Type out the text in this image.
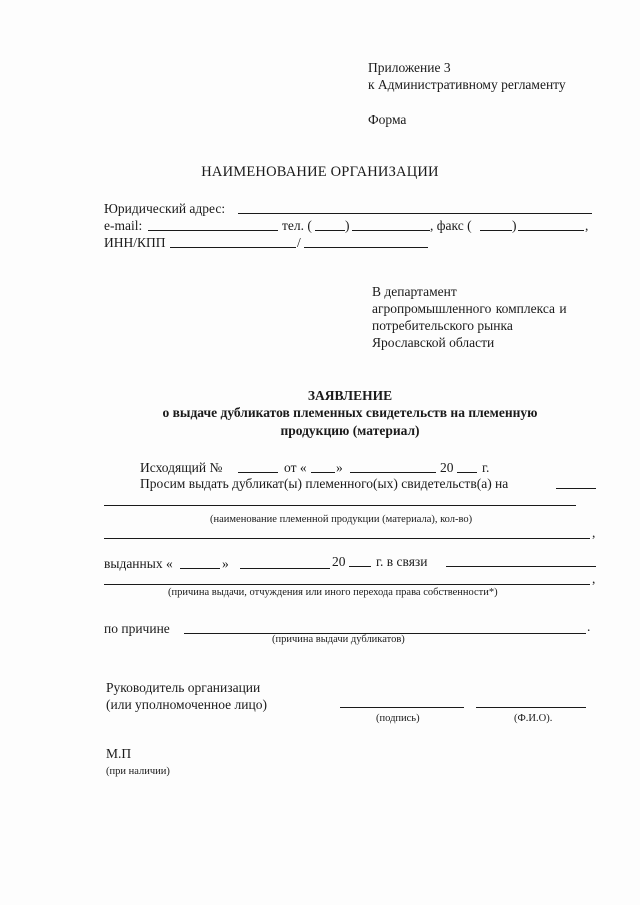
Приложение 3
к Административному регламенту
Форма
НАИМЕНОВАНИЕ ОРГАНИЗАЦИИ
Юридический адрес:
e-mail:	тел. ( )	, факс (	)	,
ИНН/КПП	/
В департамент
агропромышленного комплекса и
потребительского рынка
Ярославской области
ЗАЯВЛЕНИЕ
о выдаче дубликатов племенных свидетельств на племенную
продукцию (материал)
Исходящий №	от « »	20 г.
Просим выдать дубликат(ы) племенного(ых) свидетельств(а) на
(наименование племенной продукции (материала), кол-во)
,
выданных «	»	20 г. в связи
,
(причина выдачи, отчуждения или иного перехода права собственности*)
по причине	.
(причина выдачи дубликатов)
Руководитель организации
(или уполномоченное лицо)
(подпись)	(Ф.И.О).
М.П
(при наличии)
